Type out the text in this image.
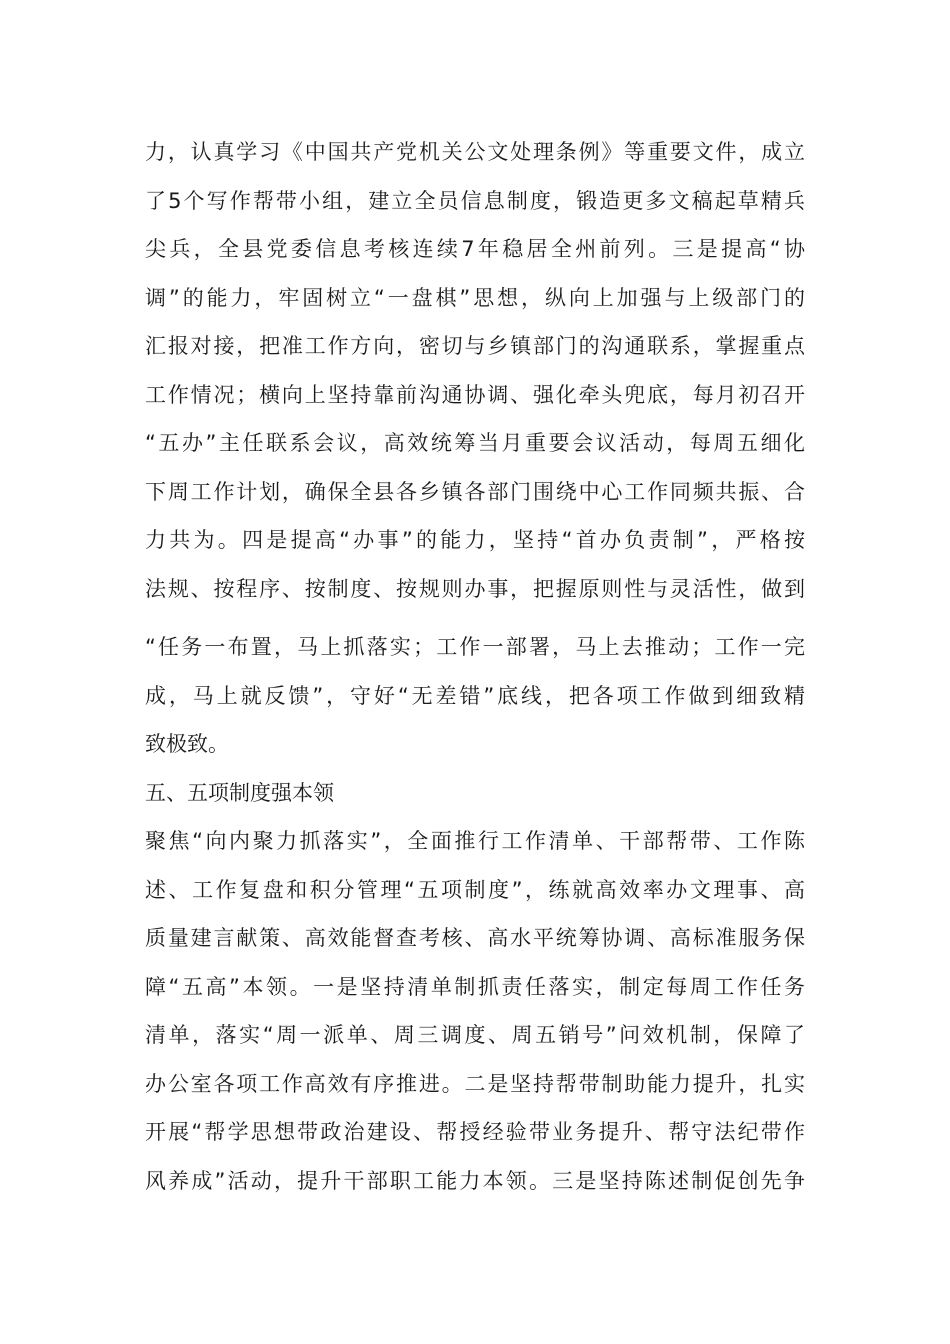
力，认真学习《中国共产党机关公文处理条例》等重要文件，成立
了5个写作帮带小组，建立全员信息制度，锻造更多文稿起草精兵
尖兵，全县党委信息考核连续7年稳居全州前列。三是提高“协
调”的能力，牢固树立“一盘棋”思想，纵向上加强与上级部门的
汇报对接，把准工作方向，密切与乡镇部门的沟通联系，掌握重点
工作情况；横向上坚持靠前沟通协调、强化牵头兜底，每月初召开
“五办”主任联系会议，高效统筹当月重要会议活动，每周五细化
下周工作计划，确保全县各乡镇各部门围绕中心工作同频共振、合
力共为。四是提高“办事”的能力，坚持“首办负责制”，严格按
法规、按程序、按制度、按规则办事，把握原则性与灵活性，做到
“任务一布置，马上抓落实；工作一部署，马上去推动；工作一完
成，马上就反馈”，守好“无差错”底线，把各项工作做到细致精
致极致。
五、五项制度强本领
聚焦“向内聚力抓落实”，全面推行工作清单、干部帮带、工作陈
述、工作复盘和积分管理“五项制度”，练就高效率办文理事、高
质量建言献策、高效能督查考核、高水平统筹协调、高标准服务保
障“五高”本领。一是坚持清单制抓责任落实，制定每周工作任务
清单，落实“周一派单、周三调度、周五销号”问效机制，保障了
办公室各项工作高效有序推进。二是坚持帮带制助能力提升，扎实
开展“帮学思想带政治建设、帮授经验带业务提升、帮守法纪带作
风养成”活动，提升干部职工能力本领。三是坚持陈述制促创先争
